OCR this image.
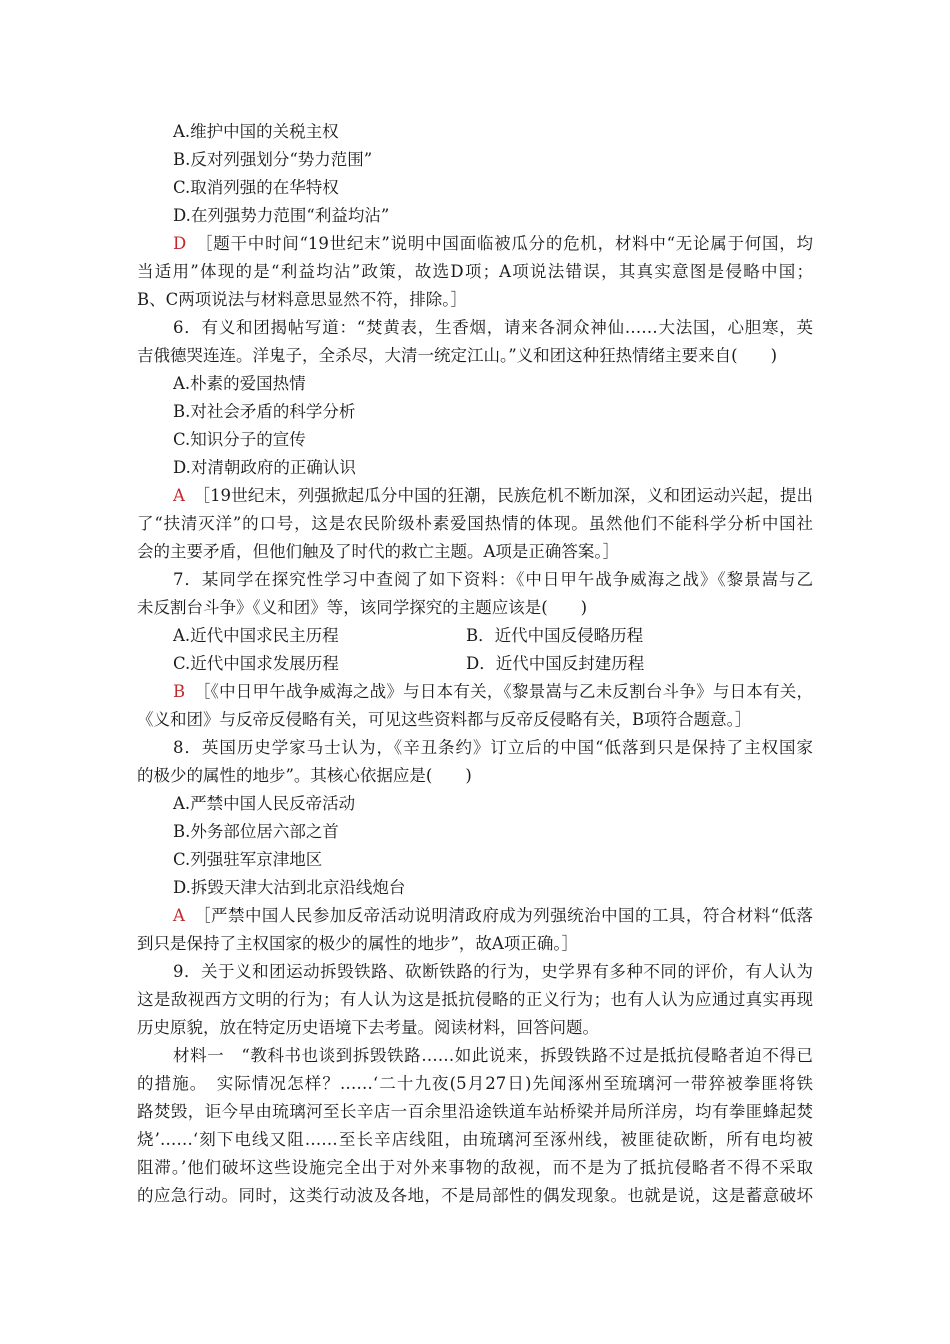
A.维护中国的关税主权
B.反对列强划分“势力范围”
C.取消列强的在华特权
D.在列强势力范围“利益均沾”
D　 ［题干中时间“19世纪末”说明中国面临被瓜分的危机，材料中“无论属于何国，均
当适用”体现的是“利益均沾”政策，故选D项；A项说法错误，其真实意图是侵略中国；
B、C两项说法与材料意思显然不符，排除。］
6．有义和团揭帖写道：“焚黄表，生香烟，请来各洞众神仙……大法国，心胆寒，英
吉俄德哭连连。洋鬼子，全杀尽，大清一统定江山。”义和团这种狂热情绪主要来自(　　)
A.朴素的爱国热情
B.对社会矛盾的科学分析
C.知识分子的宣传
D.对清朝政府的正确认识
A　 ［19世纪末，列强掀起瓜分中国的狂潮，民族危机不断加深，义和团运动兴起，提出
了“扶清灭洋”的口号，这是农民阶级朴素爱国热情的体现。虽然他们不能科学分析中国社
会的主要矛盾，但他们触及了时代的救亡主题。A项是正确答案。］
7．某同学在探究性学习中查阅了如下资料：《中日甲午战争威海之战》《黎景嵩与乙
未反割台斗争》《义和团》等，该同学探究的主题应该是(　　)
A.近代中国求民主历程	B．近代中国反侵略历程
C.近代中国求发展历程	D．近代中国反封建历程
B　 ［《中日甲午战争威海之战》与日本有关，《黎景嵩与乙未反割台斗争》与日本有关，
《义和团》与反帝反侵略有关，可见这些资料都与反帝反侵略有关，B项符合题意。］
8．英国历史学家马士认为，《辛丑条约》订立后的中国“低落到只是保持了主权国家
的极少的属性的地步”。其核心依据应是(　　)
A.严禁中国人民反帝活动
B.外务部位居六部之首
C.列强驻军京津地区
D.拆毁天津大沽到北京沿线炮台
A　 ［严禁中国人民参加反帝活动说明清政府成为列强统治中国的工具，符合材料“低落
到只是保持了主权国家的极少的属性的地步”，故A项正确。］
9．关于义和团运动拆毁铁路、砍断铁路的行为，史学界有多种不同的评价，有人认为
这是敌视西方文明的行为；有人认为这是抵抗侵略的正义行为；也有人认为应通过真实再现
历史原貌，放在特定历史语境下去考量。阅读材料，回答问题。
材料一　“教科书也谈到拆毁铁路……如此说来，拆毁铁路不过是抵抗侵略者迫不得已
的措施。　实际情况怎样？……‘二十九夜(5月27日)先闻涿州至琉璃河一带猝被拳匪将铁
路焚毁，讵今早由琉璃河至长辛店一百余里沿途铁道车站桥梁并局所洋房，均有拳匪蜂起焚
烧’……‘刻下电线又阻……至长辛店线阻，由琉璃河至涿州线，被匪徒砍断，所有电均被
阻滞。’他们破坏这些设施完全出于对外来事物的敌视，而不是为了抵抗侵略者不得不采取
的应急行动。同时，这类行动波及各地，不是局部性的偶发现象。也就是说，这是蓄意破坏
